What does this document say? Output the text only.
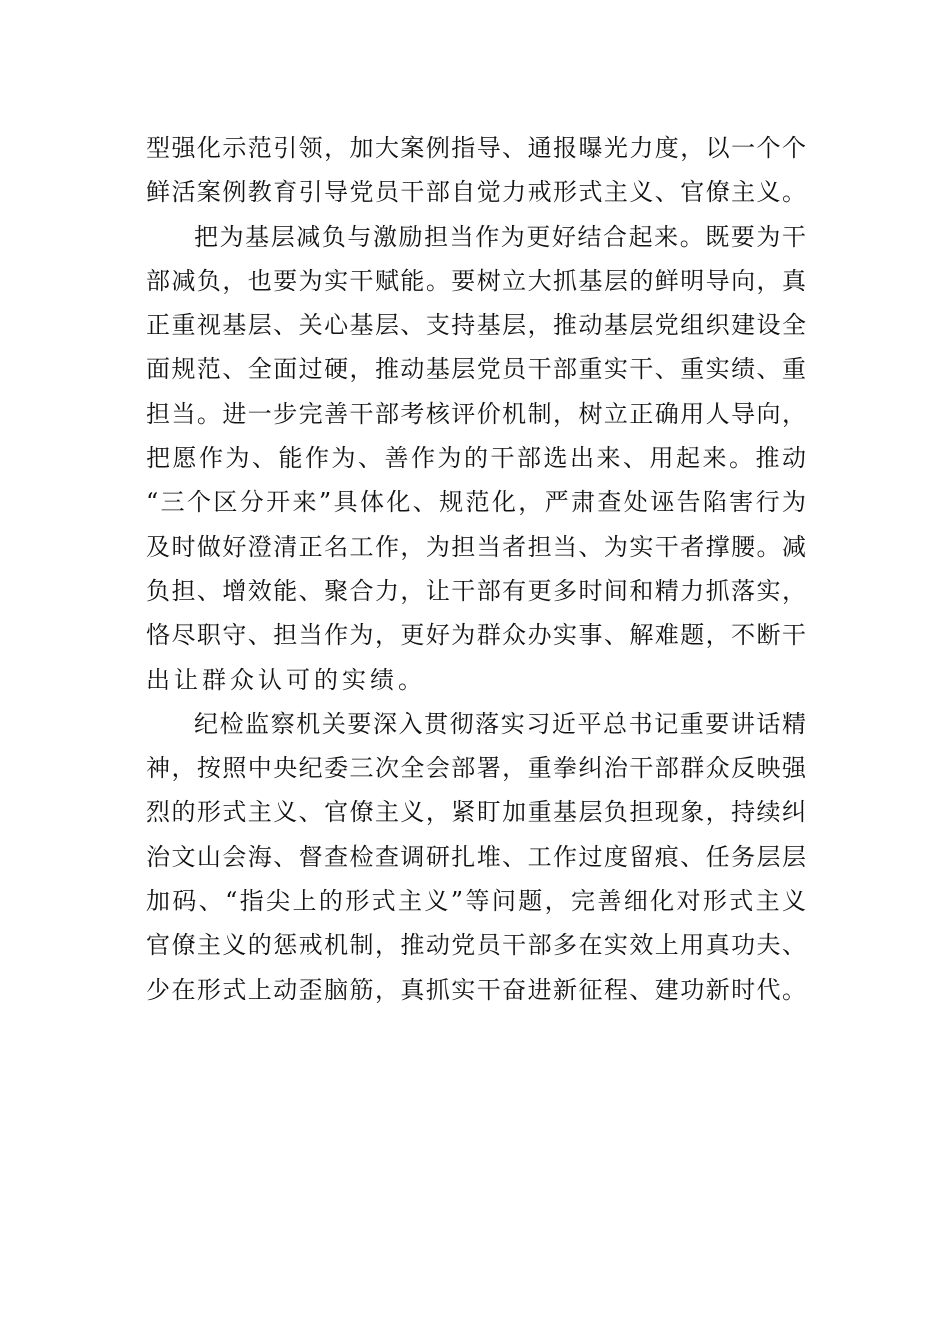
型 强 化 示 范 引 领 ， 加 大 案 例 指 导 、 通 报 曝 光 力 度 ， 以 一 个 个
鲜 活 案 例 教 育 引 导 党 员 干 部 自 觉 力 戒 形 式 主 义 、 官 僚 主 义 。
把 为 基 层 减 负 与 激 励 担 当 作 为 更 好 结 合 起 来 。 既 要 为 干
部 减 负 ， 也 要 为 实 干 赋 能 。 要 树 立 大 抓 基 层 的 鲜 明 导 向 ， 真
正 重 视 基 层 、 关 心 基 层 、 支 持 基 层 ， 推 动 基 层 党 组 织 建 设 全
面 规 范 、 全 面 过 硬 ， 推 动 基 层 党 员 干 部 重 实 干 、 重 实 绩 、 重
担 当 。 进 一 步 完 善 干 部 考 核 评 价 机 制 ， 树 立 正 确 用 人 导 向 ，
把 愿 作 为 、 能 作 为 、 善 作 为 的 干 部 选 出 来 、 用 起 来 。 推 动
“ 三 个 区 分 开 来 ” 具 体 化 、 规 范 化 ， 严 肃 查 处 诬 告 陷 害 行 为
及 时 做 好 澄 清 正 名 工 作 ， 为 担 当 者 担 当 、 为 实 干 者 撑 腰 。 减
负 担 、 增 效 能 、 聚 合 力 ， 让 干 部 有 更 多 时 间 和 精 力 抓 落 实 ，
恪 尽 职 守 、 担 当 作 为 ， 更 好 为 群 众 办 实 事 、 解 难 题 ， 不 断 干
出让群众认可的实绩。
纪 检 监 察 机 关 要 深 入 贯 彻 落 实 习 近 平 总 书 记 重 要 讲 话 精
神 ， 按 照 中 央 纪 委 三 次 全 会 部 署 ， 重 拳 纠 治 干 部 群 众 反 映 强
烈 的 形 式 主 义 、 官 僚 主 义 ， 紧 盯 加 重 基 层 负 担 现 象 ， 持 续 纠
治 文 山 会 海 、 督 查 检 查 调 研 扎 堆 、 工 作 过 度 留 痕 、 任 务 层 层
加 码 、 “ 指 尖 上 的 形 式 主 义 ” 等 问 题 ， 完 善 细 化 对 形 式 主 义
官 僚 主 义 的 惩 戒 机 制 ， 推 动 党 员 干 部 多 在 实 效 上 用 真 功 夫 、
少 在 形 式 上 动 歪 脑 筋 ， 真 抓 实 干 奋 进 新 征 程 、 建 功 新 时 代 。
